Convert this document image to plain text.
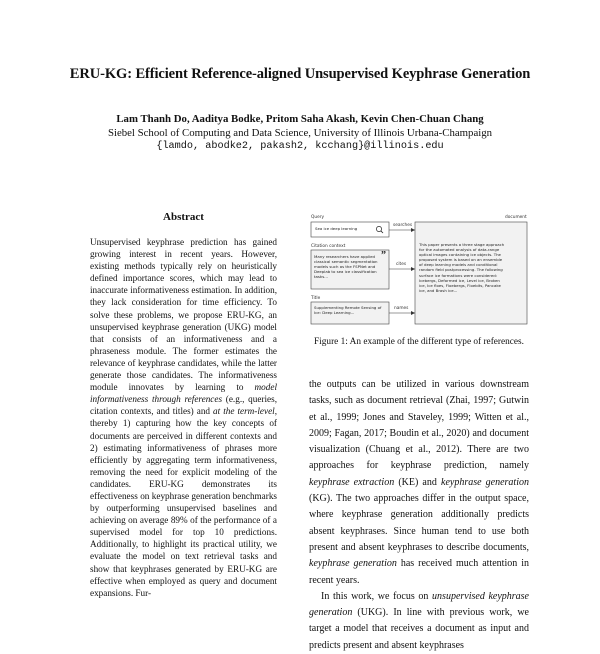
ERU-KG: Efficient Reference-aligned Unsupervised Keyphrase Generation
Lam Thanh Do, Aaditya Bodke, Pritom Saha Akash, Kevin Chen-Chuan Chang
Siebel School of Computing and Data Science, University of Illinois Urbana-Champaign
{lamdo, abodke2, pakash2, kcchang}@illinois.edu
Abstract
Unsupervised keyphrase prediction has gained growing interest in recent years. However, existing methods typically rely on heuristically defined importance scores, which may lead to inaccurate informativeness estimation. In addition, they lack consideration for time efficiency. To solve these problems, we propose ERU-KG, an unsupervised keyphrase generation (UKG) model that consists of an informativeness and a phraseness module. The former estimates the relevance of keyphrase candidates, while the latter generate those candidates. The informativeness module innovates by learning to model informativeness through references (e.g., queries, citation contexts, and titles) and at the term-level, thereby 1) capturing how the key concepts of documents are perceived in different contexts and 2) estimating informativeness of phrases more efficiently by aggregating term informativeness, removing the need for explicit modeling of the candidates. ERU-KG demonstrates its effectiveness on keyphrase generation benchmarks by outperforming unsupervised baselines and achieving on average 89% of the performance of a supervised model for top 10 predictions. Additionally, to highlight its practical utility, we evaluate the model on text retrieval tasks and show that keyphrases generated by ERU-KG are effective when employed as query and document expansions. Fur-
Query
Citation context
”
Title
document
searches
cites
names
Sea ice deep learning
Many researchers have applied classical semantic segmentation models such as the FSPNet and Deeplab to sea ice classification tasks...
Supplementing Remote Sensing of Ice: Deep Learning...
This paper presents a three stage approach for the automated analysis of data-range optical images containing ice objects. The proposed system is based on an ensemble of deep learning models and conditional random field postprocessing. The following surface ice formations were considered: Icebergs, Deformed ice, Level ice, Broken ice, Ice floes, Floebergs, Floebits, Pancake ice, and Brash ice...
Figure 1: An example of the different type of references.

the outputs can be utilized in various downstream tasks, such as document retrieval (Zhai, 1997; Gutwin et al., 1999; Jones and Staveley, 1999; Witten et al., 2009; Fagan, 2017; Boudin et al., 2020) and document visualization (Chuang et al., 2012). There are two approaches for keyphrase prediction, namely keyphrase extraction (KE) and keyphrase generation (KG). The two approaches differ in the output space, where keyphrase generation additionally predicts absent keyphrases. Since human tend to use both present and absent keyphrases to describe documents, keyphrase generation has received much attention in recent years.

In this work, we focus on unsupervised keyphrase generation (UKG). In line with previous work, we target a model that receives a document as input and predicts present and absent keyphrases
